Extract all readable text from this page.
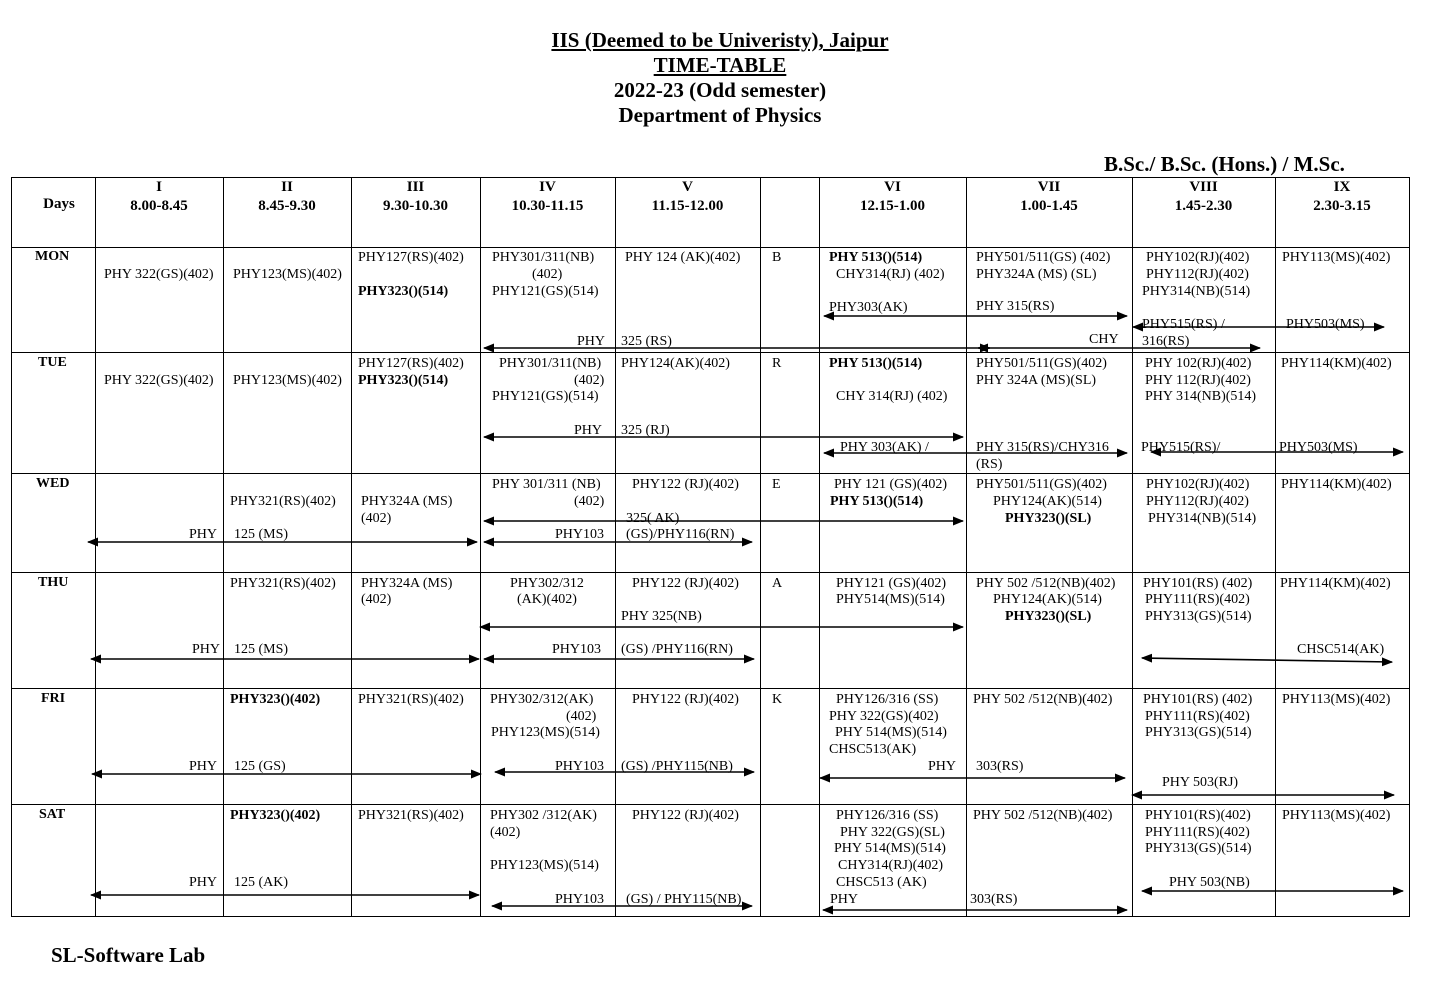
IIS (Deemed to be Univeristy), Jaipur
TIME-TABLE
2022-23 (Odd semester)
Department of Physics
B.Sc./ B.Sc. (Hons.) / M.Sc.
Days
I
8.00-8.45
II
8.45-9.30
III
9.30-10.30
IV
10.30-11.15
V
11.15-12.00
VI
12.15-1.00
VII
1.00-1.45
VIII
1.45-2.30
IX
2.30-3.15
MON
TUE
WED
THU
FRI
SAT
B
R
E
A
K
PHY 322(GS)(402) PHY123(MS)(402)
PHY127(RS)(402)
PHY323()(514)
PHY301/311(NB)
(402)
PHY121(GS)(514)
PHY
PHY 124 (AK)(402)
325 (RS)
PHY 513()(514)
CHY314(RJ) (402)
PHY303(AK)
PHY501/511(GS) (402)
PHY324A (MS) (SL)
PHY 315(RS)
CHY
PHY102(RJ)(402)
PHY112(RJ)(402)
PHY314(NB)(514)
PHY515(RS) /
316(RS)
PHY113(MS)(402)
PHY503(MS)
PHY 322(GS)(402) PHY123(MS)(402)
PHY127(RS)(402)
PHY323()(514)
PHY301/311(NB)
(402)
PHY121(GS)(514)
PHY
PHY124(AK)(402)
325 (RJ)
PHY 513()(514)
CHY 314(RJ) (402)
PHY 303(AK) /
PHY501/511(GS)(402)
PHY 324A (MS)(SL)
PHY 315(RS)/CHY316
(RS)
PHY 102(RJ)(402)
PHY 112(RJ)(402)
PHY 314(NB)(514)
PHY515(RS)/
PHY114(KM)(402)
PHY503(MS)
PHY
PHY321(RS)(402)
125 (MS)
PHY324A (MS)
(402)
PHY 301/311 (NB)
(402)
PHY103
PHY122 (RJ)(402)
325( AK)
(GS)/PHY116(RN)
PHY 121 (GS)(402)
PHY 513()(514)
PHY501/511(GS)(402)
PHY124(AK)(514)
PHY323()(SL)
PHY102(RJ)(402)
PHY112(RJ)(402)
PHY314(NB)(514)
PHY114(KM)(402)
PHY
PHY321(RS)(402)
125 (MS)
PHY324A (MS)
(402)
PHY302/312
(AK)(402)
PHY103
PHY122 (RJ)(402)
PHY 325(NB)
(GS) /PHY116(RN)
PHY121 (GS)(402)
PHY514(MS)(514)
PHY 502 /512(NB)(402)
PHY124(AK)(514)
PHY323()(SL)
PHY101(RS) (402)
PHY111(RS)(402)
PHY313(GS)(514)
PHY114(KM)(402)
CHSC514(AK)
PHY
PHY323()(402)
125 (GS)
PHY321(RS)(402) PHY302/312(AK)
(402)
PHY123(MS)(514)
PHY103
PHY122 (RJ)(402)
(GS) /PHY115(NB)
PHY126/316 (SS)
PHY 322(GS)(402)
PHY 514(MS)(514)
CHSC513(AK)
PHY
PHY 502 /512(NB)(402)
303(RS)
PHY101(RS) (402)
PHY111(RS)(402)
PHY313(GS)(514)
PHY 503(RJ)
PHY113(MS)(402)
PHY
PHY323()(402)
125 (AK)
PHY321(RS)(402) PHY302 /312(AK)
(402)
PHY123(MS)(514)
PHY103
PHY122 (RJ)(402)
(GS) / PHY115(NB)
PHY126/316 (SS)
PHY 322(GS)(SL)
PHY 514(MS)(514)
CHY314(RJ)(402)
CHSC513 (AK)
PHY
PHY 502 /512(NB)(402)
303(RS)
PHY101(RS)(402)
PHY111(RS)(402)
PHY313(GS)(514)
PHY 503(NB)
PHY113(MS)(402)
SL-Software Lab
